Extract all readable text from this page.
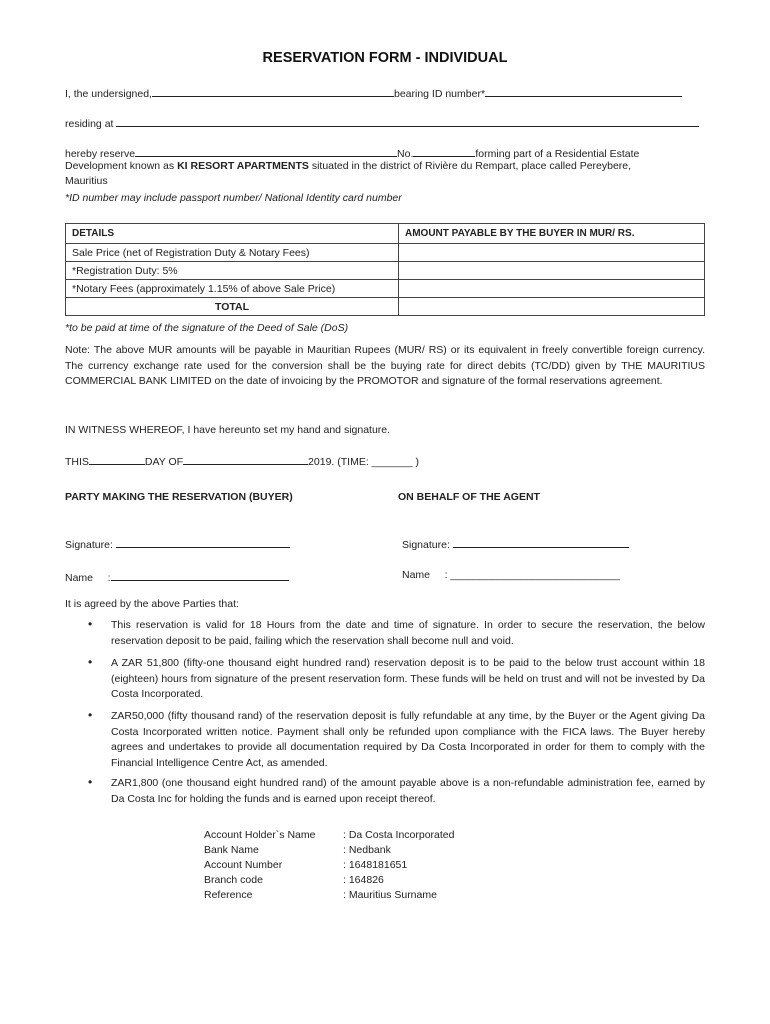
RESERVATION FORM - INDIVIDUAL
I, the undersigned,	bearing ID number*
residing at
hereby reserve	No.	forming part of a Residential Estate
Development known as KI RESORT APARTMENTS situated in the district of Rivière du Rempart, place called Pereybere,
Mauritius
*ID number may include passport number/ National Identity card number
DETAILS	AMOUNT PAYABLE BY THE BUYER IN MUR/ RS.
Sale Price (net of Registration Duty & Notary Fees)	
*Registration Duty: 5%	
*Notary Fees (approximately 1.15% of above Sale Price)	
TOTAL	
*to be paid at time of the signature of the Deed of Sale (DoS)
Note: The above MUR amounts will be payable in Mauritian Rupees (MUR/ RS) or its equivalent in freely convertible foreign currency. The currency exchange rate used for the conversion shall be the buying rate for direct debits (TC/DD) given by THE MAURITIUS COMMERCIAL BANK LIMITED on the date of invoicing by the PROMOTOR and signature of the formal reservations agreement.
IN WITNESS WHEREOF, I have hereunto set my hand and signature.
THIS	DAY OF	2019. (TIME: _______ )
PARTY MAKING THE RESERVATION (BUYER)	ON BEHALF OF THE AGENT
Signature:	Signature:
Name     :	Name     : _____________________________
It is agreed by the above Parties that:
• This reservation is valid for 18 Hours from the date and time of signature. In order to secure the reservation, the below reservation deposit to be paid, failing which the reservation shall become null and void.
• A ZAR 51,800 (fifty-one thousand eight hundred rand) reservation deposit is to be paid to the below trust account within 18 (eighteen) hours from signature of the present reservation form. These funds will be held on trust and will not be invested by Da Costa Incorporated.
• ZAR50,000 (fifty thousand rand) of the reservation deposit is fully refundable at any time, by the Buyer or the Agent giving Da Costa Incorporated written notice. Payment shall only be refunded upon compliance with the FICA laws. The Buyer hereby agrees and undertakes to provide all documentation required by Da Costa Incorporated in order for them to comply with the Financial Intelligence Centre Act, as amended.
• ZAR1,800 (one thousand eight hundred rand) of the amount payable above is a non-refundable administration fee, earned by Da Costa Inc for holding the funds and is earned upon receipt thereof.
Account Holder`s Name	: Da Costa Incorporated
Bank Name	: Nedbank
Account Number	: 1648181651
Branch code	: 164826
Reference	: Mauritius Surname
